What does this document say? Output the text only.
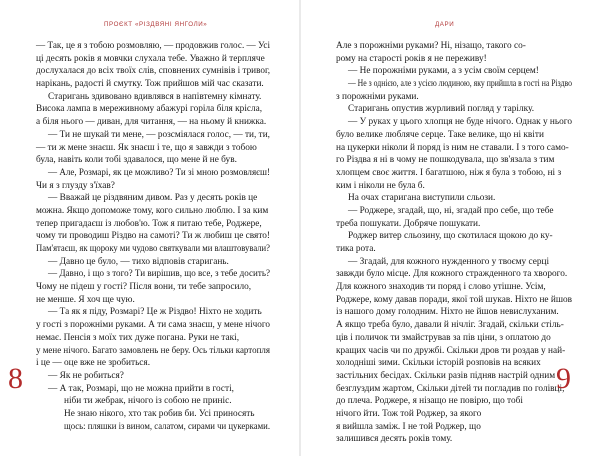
ПРОЄКТ «РІЗДВЯНІ ЯНГОЛИ»
— Так, це я з тобою розмовляю, — продовжив голос. — Усі
ці десять років я мовчки слухала тебе. Уважно й терпляче
дослухалася до всіх твоїх слів, сповнених сумнівів і тривог,
нарікань, радості й смутку. Тож прийшов мій час сказати.
Старигань здивовано вдивлявся в напівтемну кімнату.
Висока лампа в мереживному абажурі горіла біля крісла,
а біля нього — диван, для читання, — на ньому й книжка.
— Ти не шукай ти мене, — розсміялася голос, — ти, ти,
— ти ж мене знаєш. Як знаєш і те, що я завжди з тобою
була, навіть коли тобі здавалося, що мене й не був.
— Але, Розмарі, як це можливо? Ти зі мною розмовляєш!
Чи я з глузду з'їхав?
— Вважай це різдвяним дивом. Раз у десять років це
можна. Якщо допоможе тому, кого сильно люблю. І за ким
тепер пригадаєш із любов'ю. Тож я питаю тебе, Роджере,
чому ти проводиш Різдво на самоті? Ти ж любиш це свято!
Пам'ятаєш, як щороку ми чудово святкували ми влаштовували?
— Давно це було, — тихо відповів старигань.
— Давно, і що з того? Ти вирішив, що все, з тебе досить?
Чому не підеш у гості? Після вони, ти тебе запросило,
не менше. Я хоч ще чую.
— Та як я піду, Розмарі? Це ж Різдво! Ніхто не ходить
у гості з порожніми руками. А ти сама знаєш, у мене нічого
немає. Пенсія з моїх тих дуже погана. Руки не такі,
у мене нічого. Багато замовлень не беру. Ось тільки картопля
і це — оце вже не зробиться.
— Як не робиться?
— А так, Розмарі, що не можна прийти в гості,
ніби ти жебрак, нічого із собою не приніс.
Не знаю нікого, хто так робив би. Усі приносять
щось: пляшки із вином, салатом, сирами чи цукерками.
8
ДАРИ
Але з порожніми руками? Ні, нізащо, такого со-
рому на старості років я не переживу!
— Не порожніми руками, а з усім своїм серцем!
— Не з однією, але з усією людиною, яку прийшла в гості на Різдво
з порожніми руками.
Старигань опустив журливий погляд у тарілку.
— У руках у цього хлопця не буде нічого. Однак у нього
було велике любляче серце. Таке велике, що ні квіти
на цукерки ніколи й поряд із ним не ставали. І з того само-
го Різдва я ні в чому не пошкодувала, що зв'язала з тим
хлопцем своє життя. І багатшою, ніж я була з тобою, ні з
ким і ніколи не була б.
На очах старигана виступили сльози.
— Роджере, згадай, що, ні, згадай про себе, що тебе
треба пошукати. Добряче пошукати.
Роджер витер сльозину, що скотилася щокою до ку-
тика рота.
— Згадай, для кожного нужденного у твоєму серці
завжди було місце. Для кожного стражденного та хворого.
Для кожного знаходив ти поряд і слово утішне. Усім,
Роджере, кому давав поради, якої той шукав. Ніхто не йшов
із нашого дому голодним. Ніхто не йшов невислуханим.
А якщо треба було, давали й нічліг. Згадай, скільки стіль-
ців і поличок ти змайстрував за пів ціни, з оплатою до
кращих часів чи по дружбі. Скільки дров ти роздав у най-
холодніші зими. Скільки історій розповів на всяких
застільних бесідах. Скільки разів підняв настрій одним
безглуздим жартом, Скільки дітей ти погладив по голівці,
до плеча. Роджере, я нізащо не повірю, що тобі
нічого йти. Тож той Роджер, за якого
я вийшла заміж. І не той Роджер, що
залишився десять років тому.
9
